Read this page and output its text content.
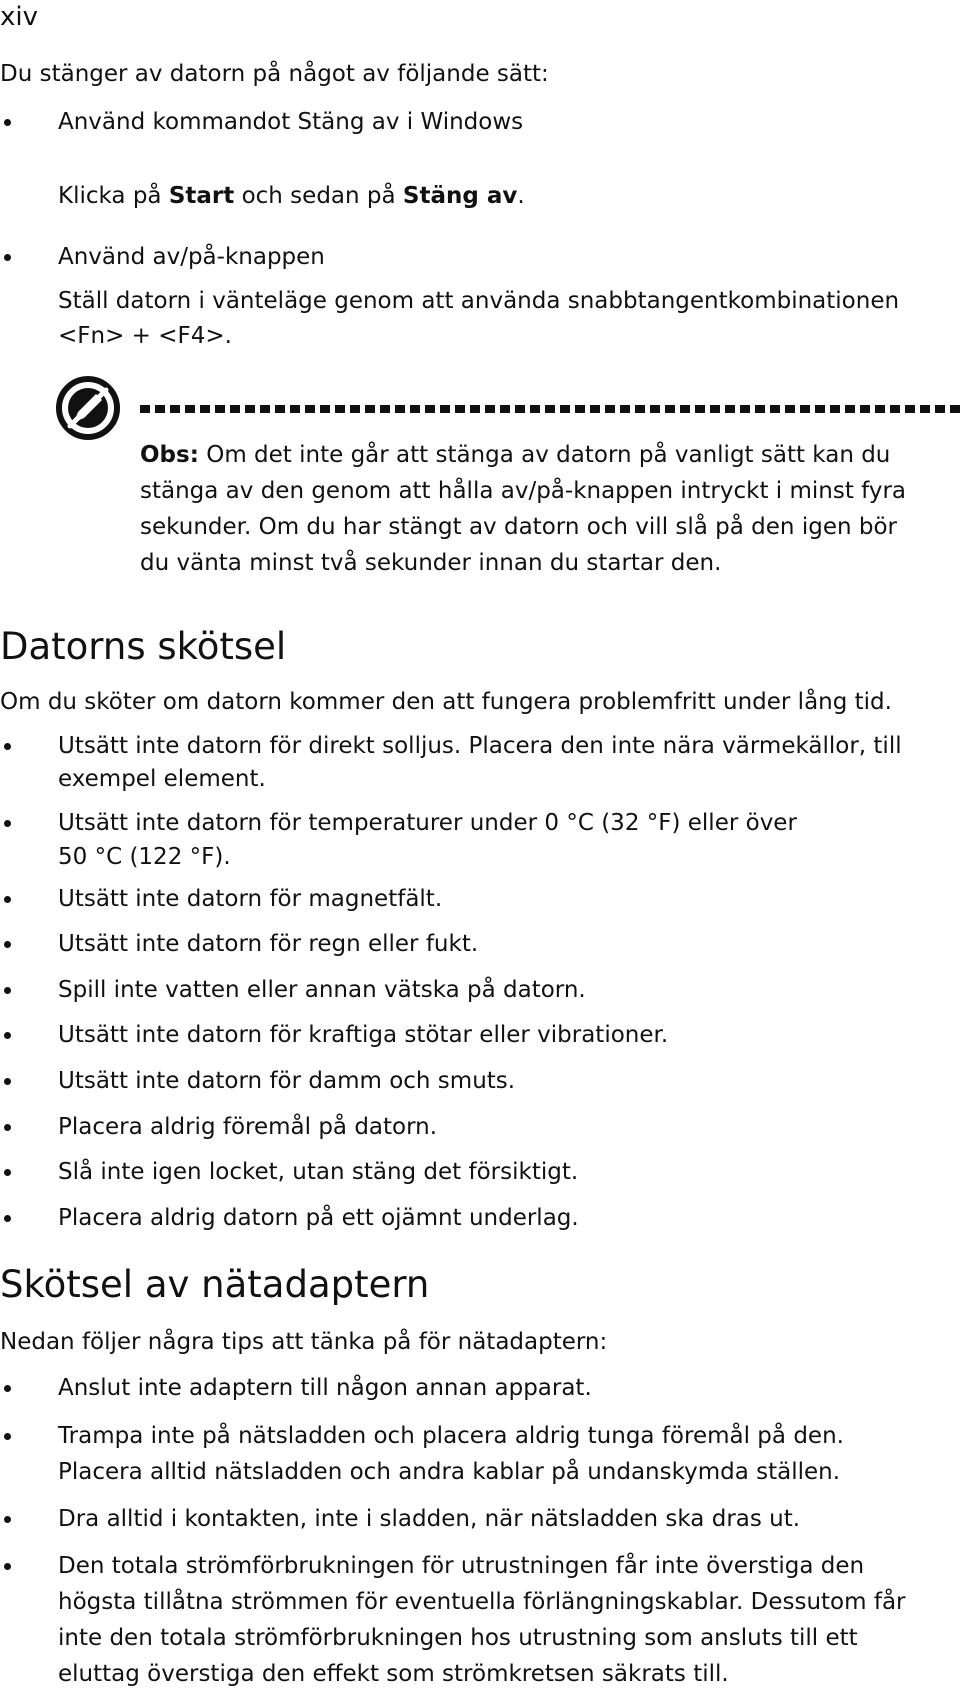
xiv
Du stänger av datorn på något av följande sätt:
Använd kommandot Stäng av i Windows
Klicka på Start och sedan på Stäng av.
Använd av/på-knappen
Ställ datorn i vänteläge genom att använda snabbtangentkombinationen
<Fn> + <F4>.
Obs: Om det inte går att stänga av datorn på vanligt sätt kan du
stänga av den genom att hålla av/på-knappen intryckt i minst fyra
sekunder. Om du har stängt av datorn och vill slå på den igen bör
du vänta minst två sekunder innan du startar den.
Datorns skötsel
Om du sköter om datorn kommer den att fungera problemfritt under lång tid.
Utsätt inte datorn för direkt solljus. Placera den inte nära värmekällor, till
exempel element.
Utsätt inte datorn för temperaturer under 0 °C (32 °F) eller över
50 °C (122 °F).
Utsätt inte datorn för magnetfält.
Utsätt inte datorn för regn eller fukt.
Spill inte vatten eller annan vätska på datorn.
Utsätt inte datorn för kraftiga stötar eller vibrationer.
Utsätt inte datorn för damm och smuts.
Placera aldrig föremål på datorn.
Slå inte igen locket, utan stäng det försiktigt.
Placera aldrig datorn på ett ojämnt underlag.
Skötsel av nätadaptern
Nedan följer några tips att tänka på för nätadaptern:
Anslut inte adaptern till någon annan apparat.
Trampa inte på nätsladden och placera aldrig tunga föremål på den.
Placera alltid nätsladden och andra kablar på undanskymda ställen.
Dra alltid i kontakten, inte i sladden, när nätsladden ska dras ut.
Den totala strömförbrukningen för utrustningen får inte överstiga den
högsta tillåtna strömmen för eventuella förlängningskablar. Dessutom får
inte den totala strömförbrukningen hos utrustning som ansluts till ett
eluttag överstiga den effekt som strömkretsen säkrats till.
